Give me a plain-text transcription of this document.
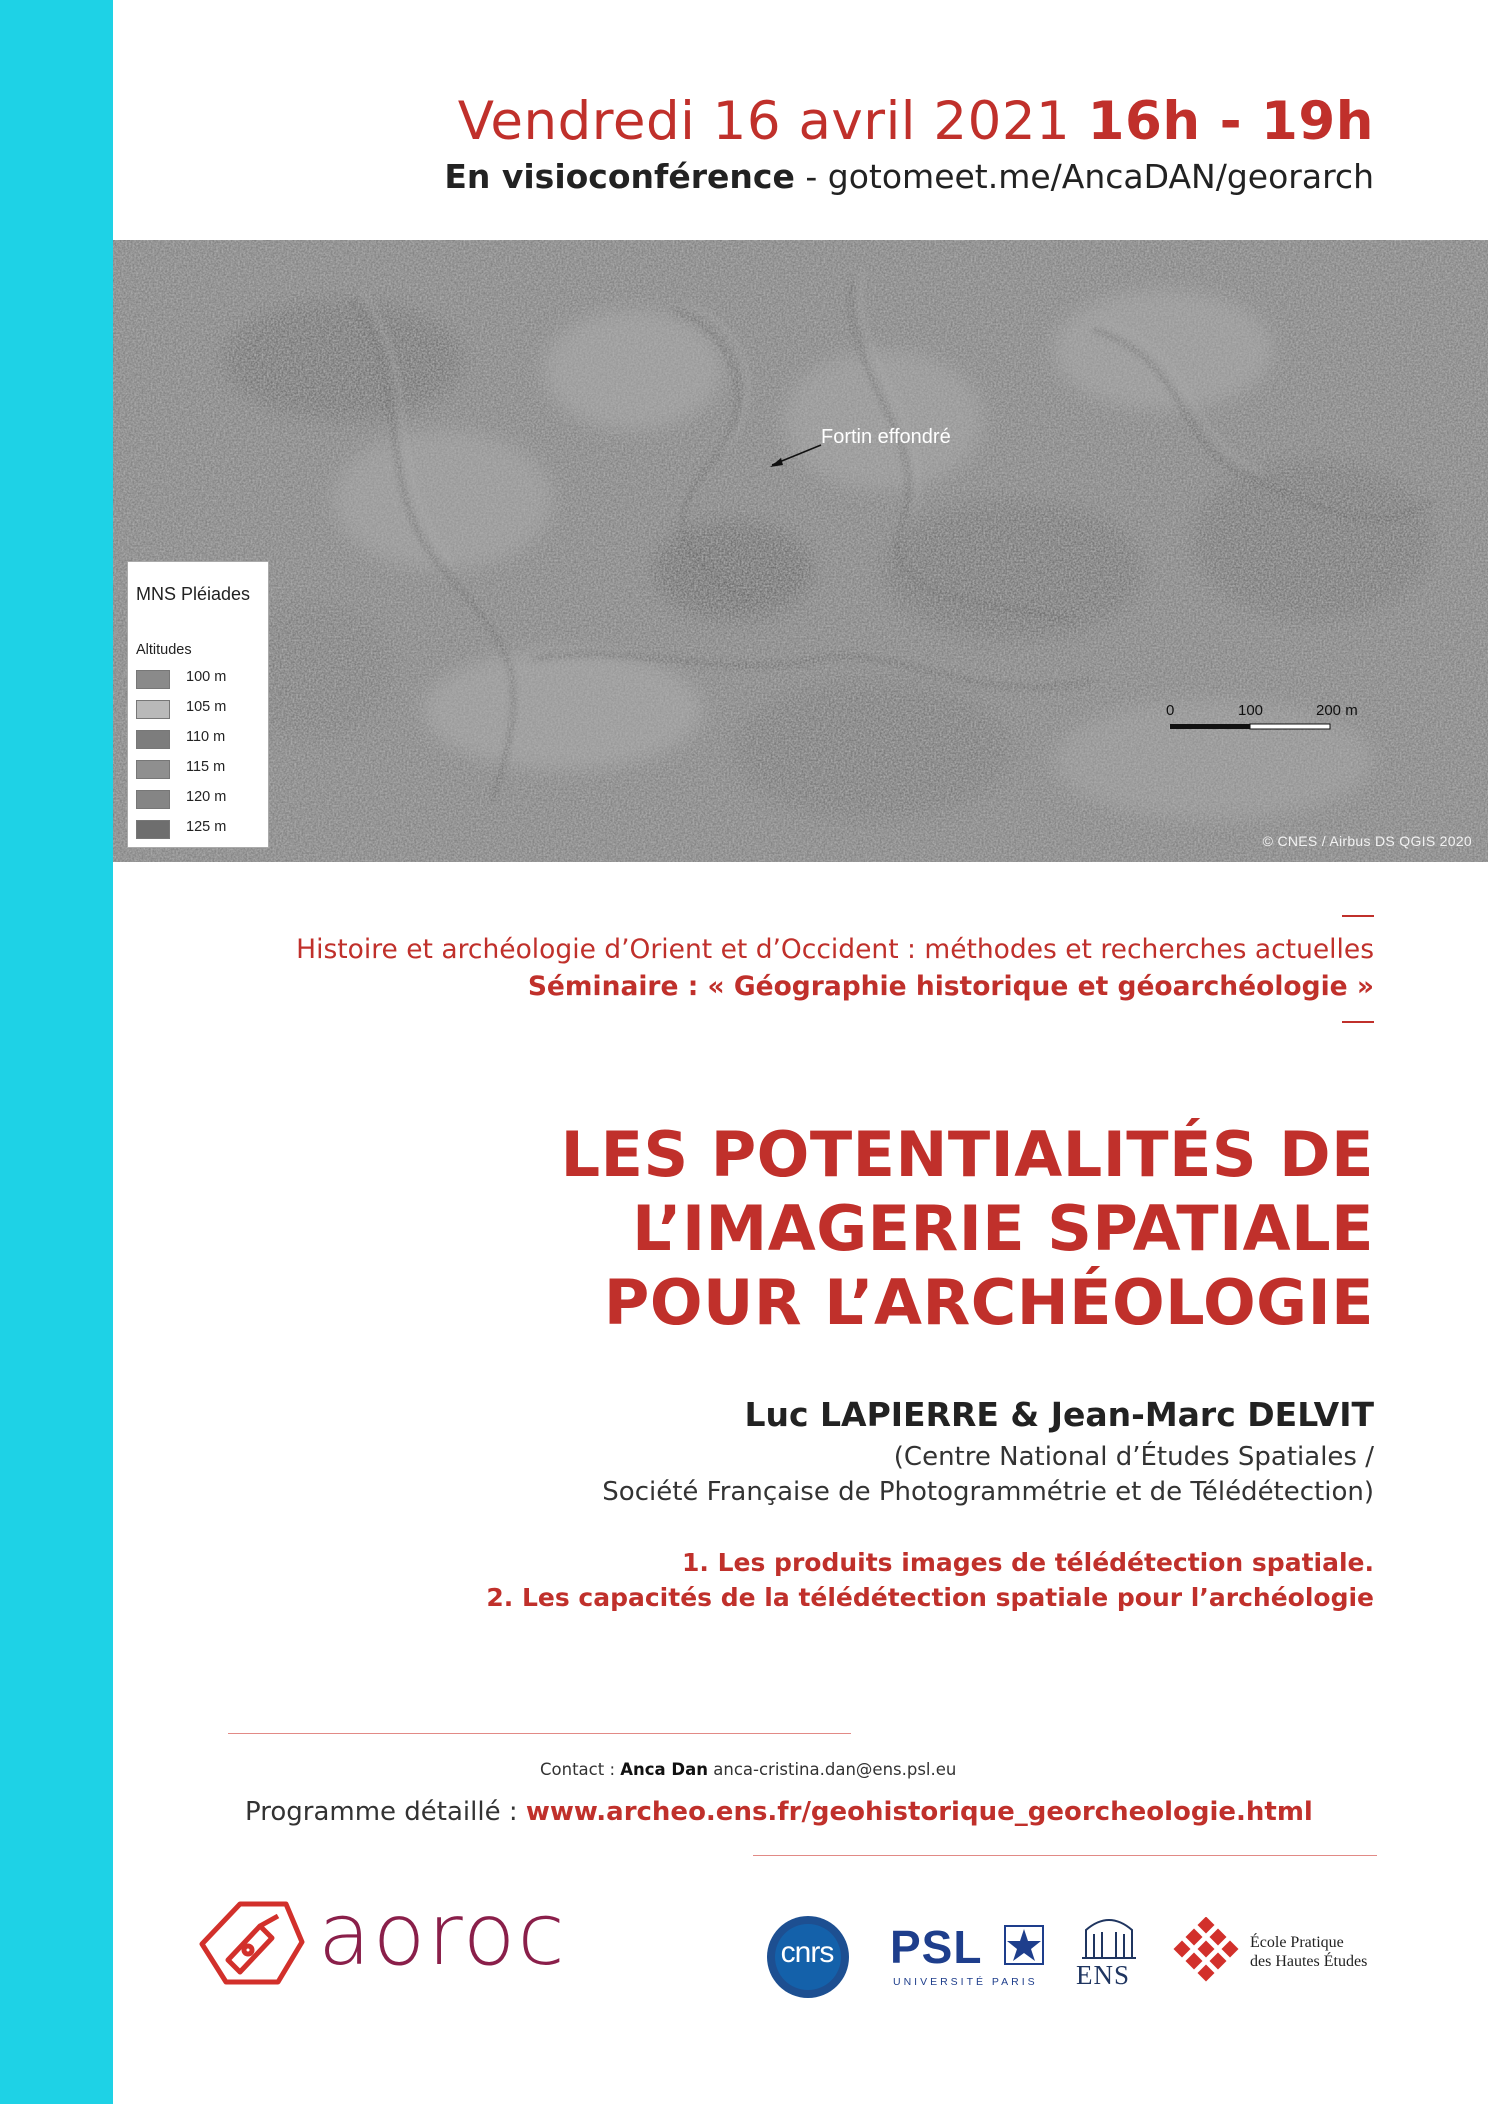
Vendredi 16 avril 2021 16h - 19h
En visioconférence - gotomeet.me/AncaDAN/georarch
Fortin effondré
MNS Pléiades
Altitudes
100 m
105 m
110 m
115 m
120 m
125 m
0	100	200 m
© CNES / Airbus DS QGIS 2020
Histoire et archéologie d’Orient et d’Occident : méthodes et recherches actuelles
Séminaire : « Géographie historique et géoarchéologie »
LES POTENTIALITÉS DE
L’IMAGERIE SPATIALE
POUR L’ARCHÉOLOGIE
Luc LAPIERRE & Jean-Marc DELVIT
(Centre National d’Études Spatiales /
Société Française de Photogrammétrie et de Télédétection)
1. Les produits images de télédétection spatiale.
2. Les capacités de la télédétection spatiale pour l’archéologie
Contact : Anca Dan anca-cristina.dan@ens.psl.eu
Programme détaillé : www.archeo.ens.fr/geohistorique_georcheologie.html
aoroc	cnrs PSL
UNIVERSITÉ PARIS ENS
École Pratique
des Hautes Études
